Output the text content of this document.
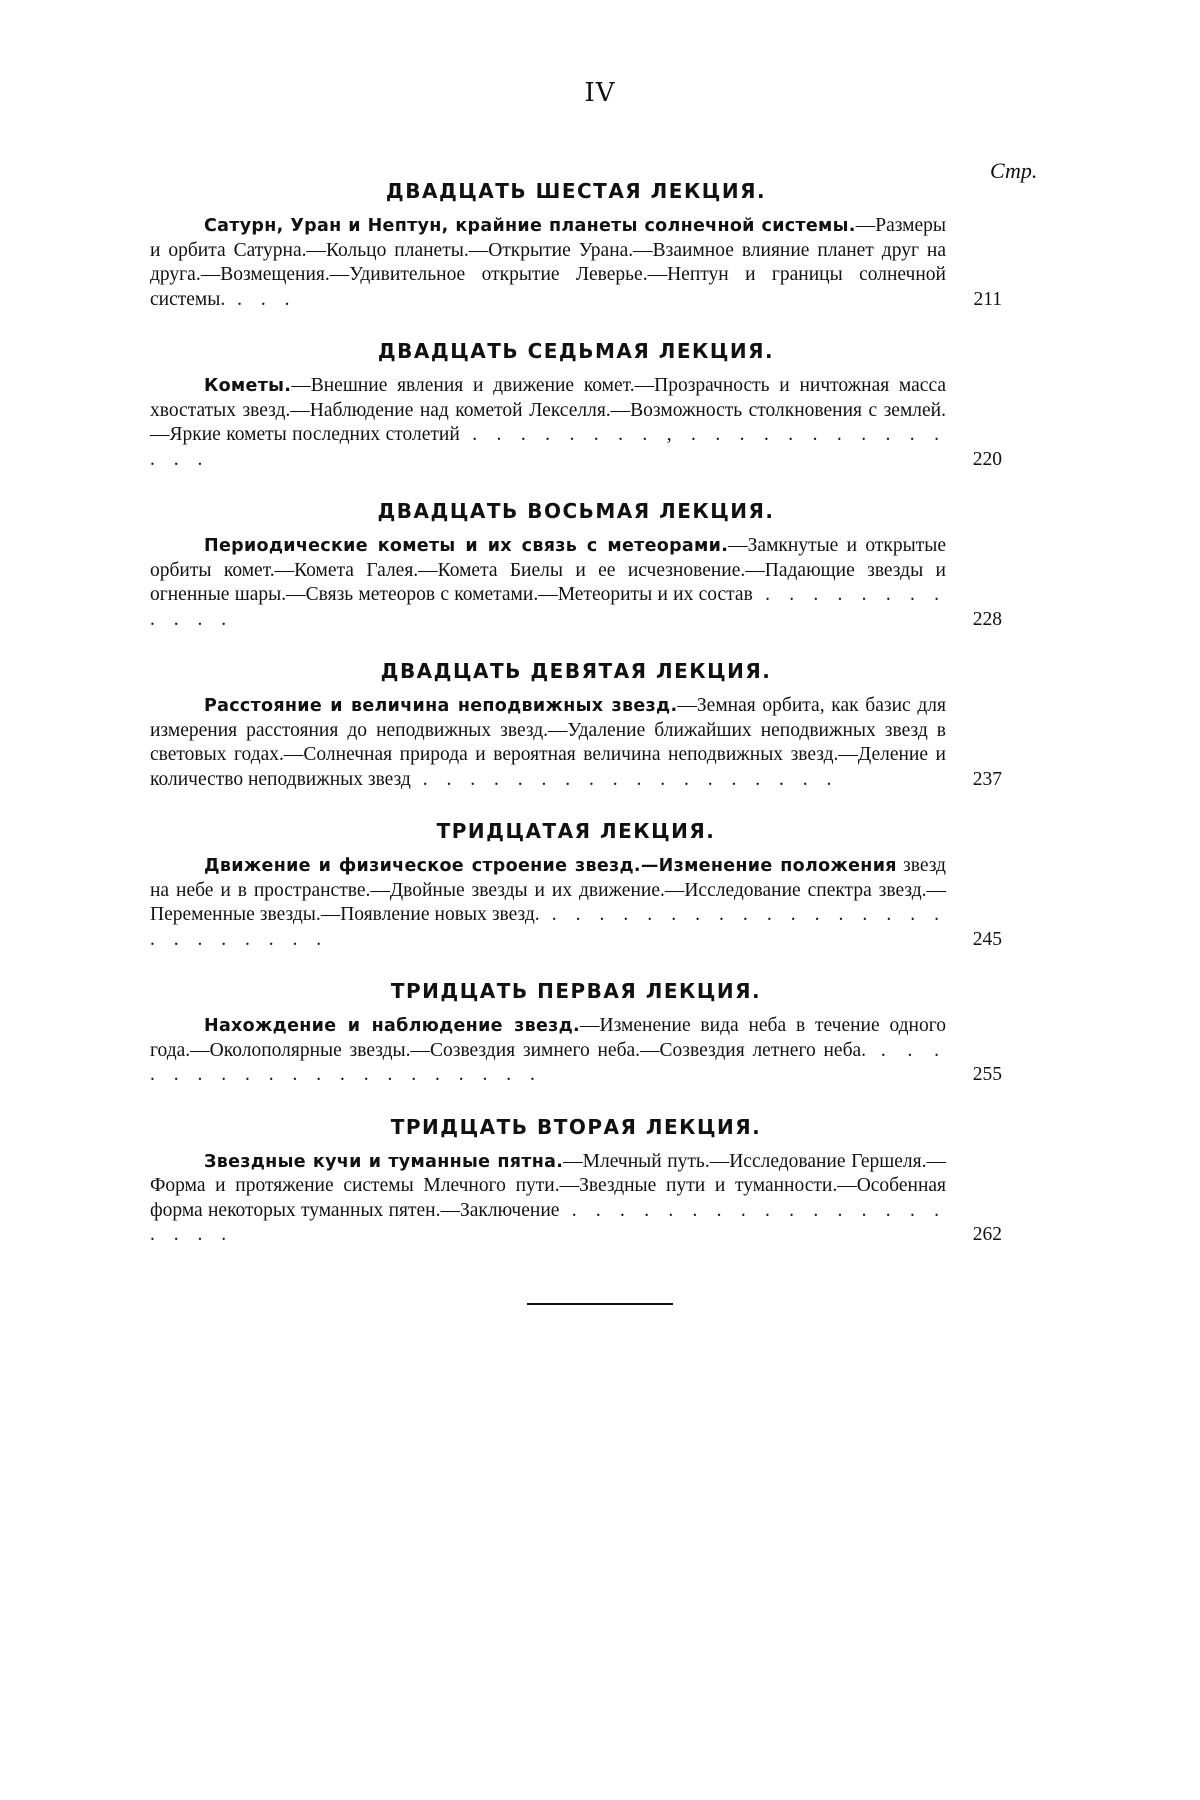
IV
Стр.
ДВАДЦАТЬ ШЕСТАЯ ЛЕКЦИЯ.
Сатурн, Уран и Нептун, крайние планеты солнечной системы.—Размеры и орбита Сатурна.—Кольцо планеты.—Открытие Урана.—Взаимное влияние планет друг на друга.—Возмещения.—Удивительное открытие Леверье.—Нептун и границы солнечной системы. . . .	211
ДВАДЦАТЬ СЕДЬМАЯ ЛЕКЦИЯ.
Кометы.—Внешние явления и движение комет.—Прозрачность и ничтожная масса хвостатых звезд.—Наблюдение над кометой Лекселля.—Возможность столкновения с землей.—Яркие кометы последних столетий . . . . . . . . , . . . . . . . . . . . . . .	220
ДВАДЦАТЬ ВОСЬМАЯ ЛЕКЦИЯ.
Периодические кометы и их связь с метеорами.—Замкнутые и открытые орбиты комет.—Комета Галея.—Комета Биелы и ее исчезновение.—Падающие звезды и огненные шары.—Связь метеоров с кометами.—Метеориты и их состав . . . . . . . . . . . .	228
ДВАДЦАТЬ ДЕВЯТАЯ ЛЕКЦИЯ.
Расстояние и величина неподвижных звезд.—Земная орбита, как базис для измерения расстояния до неподвижных звезд.—Удаление ближайших неподвижных звезд в световых годах.—Солнечная природа и вероятная величина неподвижных звезд.—Деление и количество неподвижных звезд . . . . . . . . . . . . . . . . . .	237
ТРИДЦАТАЯ ЛЕКЦИЯ.
Движение и физическое строение звезд.—Изменение положения звезд на небе и в пространстве.—Двойные звезды и их движение.—Исследование спектра звезд.—Переменные звезды.—Появление новых звезд. . . . . . . . . . . . . . . . . . . . . . . . . .	245
ТРИДЦАТЬ ПЕРВАЯ ЛЕКЦИЯ.
Нахождение и наблюдение звезд.—Изменение вида неба в течение одного года.—Околополярные звезды.—Созвездия зимнего неба.—Созвездия летнего неба. . . . . . . . . . . . . . . . . . . . .	255
ТРИДЦАТЬ ВТОРАЯ ЛЕКЦИЯ.
Звездные кучи и туманные пятна.—Млечный путь.—Исследование Гершеля.—Форма и протяжение системы Млечного пути.—Звездные пути и туманности.—Особенная форма некоторых туманных пятен.—Заключение . . . . . . . . . . . . . . . . . . . .	262
